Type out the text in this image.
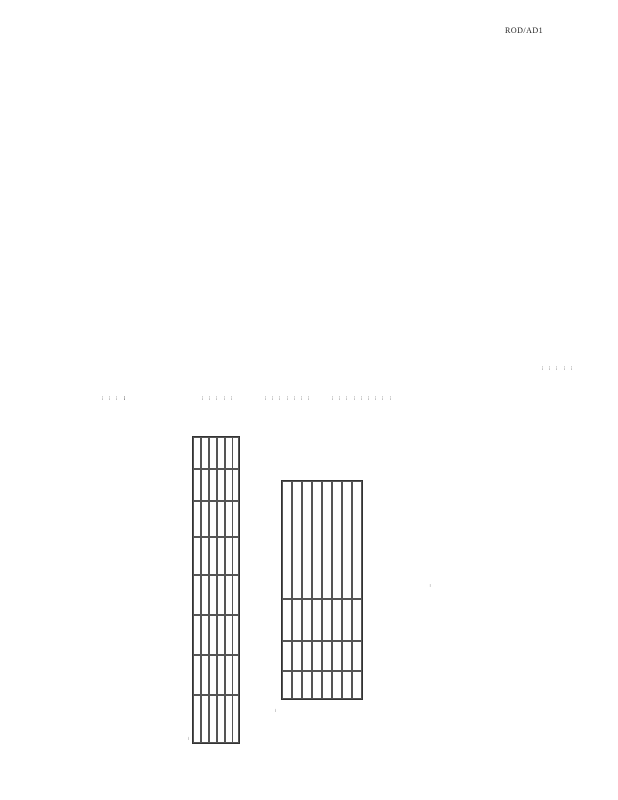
ROD/AD1
... ... ... ...	... ... ... ... ...	... ... ... ... ... ... ...	... ... ... ... ... ... ... ... ...
... ... ... ... ...
...
...
...
